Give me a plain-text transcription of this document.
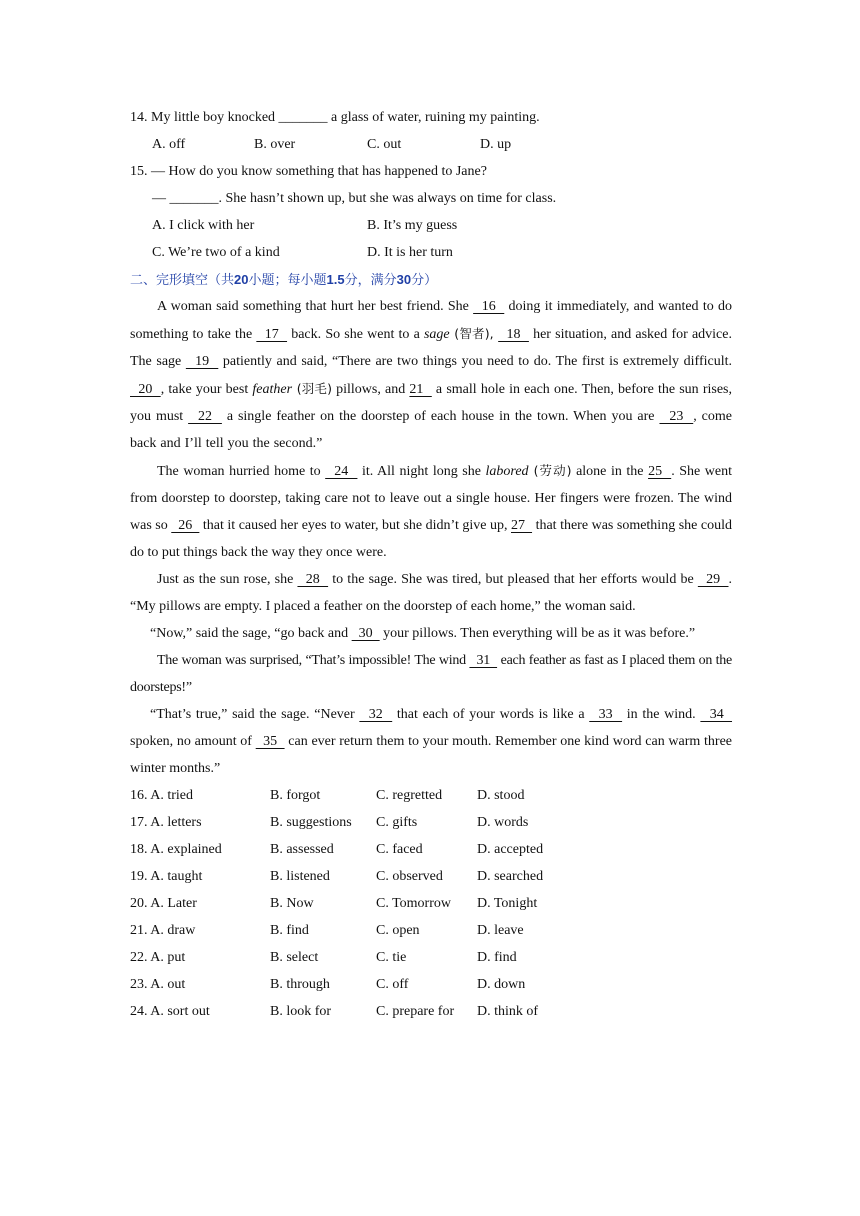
14. My little boy knocked _______ a glass of water, ruining my painting.
A. off	B. over	C. out	D. up
15. — How do you know something that has happened to Jane?
— _______. She hasn’t shown up, but she was always on time for class.
A. I click with her	B. It’s my guess
C. We’re two of a kind	D. It is her turn
二、完形填空（共20小题；每小题1.5分，满分30分）

A woman said something that hurt her best friend. She   16   doing it immediately, and wanted to do something to take the   17   back. So she went to a sage (智者),   18   her situation, and asked for advice. The sage   19   patiently and said, “There are two things you need to do. The first is extremely difficult.   20  , take your best feather (羽毛) pillows, and 21   a small hole in each one. Then, before the sun rises, you must   22   a single feather on the doorstep of each house in the town. When you are   23  , come back and I’ll tell you the second.”

The woman hurried home to   24   it. All night long she labored (劳动) alone in the 25  . She went from doorstep to doorstep, taking care not to leave out a single house. Her fingers were frozen. The wind was so   26   that it caused her eyes to water, but she didn’t give up, 27   that there was something she could do to put things back the way they once were.

Just as the sun rose, she   28   to the sage. She was tired, but pleased that her efforts would be   29  . “My pillows are empty. I placed a feather on the doorstep of each home,” the woman said.

“Now,” said the sage, “go back and   30   your pillows. Then everything will be as it was before.”

The woman was surprised, “That’s impossible! The wind   31   each feather as fast as I placed them on the doorsteps!”

“That’s true,” said the sage. “Never   32   that each of your words is like a   33   in the wind.   34   spoken, no amount of   35   can ever return them to your mouth. Remember one kind word can warm three winter months.”

16. A. tried	B. forgot	C. regretted D. stood
17. A. letters	B. suggestions C. gifts	D. words
18. A. explained	B. assessed	C. faced	D. accepted
19. A. taught	B. listened	C. observed D. searched
20. A. Later	B. Now	C. Tomorrow D. Tonight
21. A. draw	B. find	C. open	D. leave
22. A. put	B. select	C. tie	D. find
23. A. out	B. through	C. off	D. down
24. A. sort out	B. look for	C. prepare for D. think of
